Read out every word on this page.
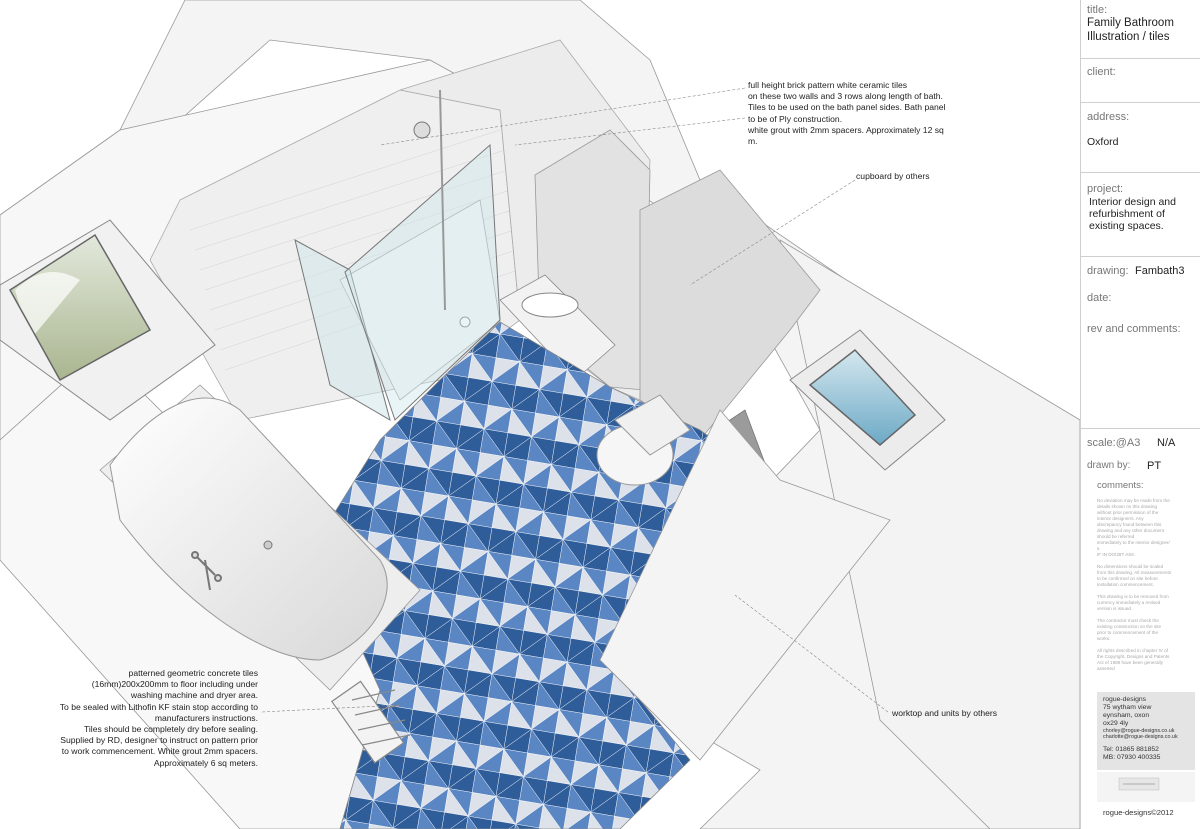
full height brick pattern white ceramic tiles
on these two walls and 3 rows along length of bath.
Tiles to be used on the bath panel sides. Bath panel
to be of Ply construction.
white grout with 2mm spacers. Approximately 12 sq
m.
cupboard by others
patterned geometric concrete tiles
(16mm)200x200mm to floor including under
washing machine and dryer area.
To be sealed with Lithofin KF stain stop according to
manufacturers instructions.
Tiles should be completely dry before sealing.
Supplied by RD, designer to instruct on pattern prior
to work commencement. White grout 2mm spacers.
Approximately 6 sq meters.
worktop and units by others
title:
Family Bathroom
Illustration / tiles
client:
address:
Oxford
project:
Interior design and
refurbishment of
existing spaces.
drawing: Fambath3
date:
rev and comments:
scale:@A3 N/A
drawn by: PT
comments:
No deviation may be made from the
details shown on this drawing
without prior permission of the
interior designer/s. Any
discrepancy found between this
drawing and any other document
should be referred
immediately to the interior designer/
s.
IF IN DOUBT ASK.

No dimensions should be scaled
from this drawing. All measurements
to be confirmed on site before
installation commencement.

This drawing is to be removed from
currency immediately a revised
version is issued.

The contractor must check the
existing construction on the site
prior to commencement of the
works.

All rights described in chapter IV of
the Copyright, Designs and Patents
Act of 1988 have been generally
asserted
rogue-designs
75 wytham view
eynsham, oxon
ox29 4ly
chorley@rogue-designs.co.uk
charlotte@rogue-designs.co.uk
Tel: 01865 881852
MB: 07930 400335
rogue-designs©2012
